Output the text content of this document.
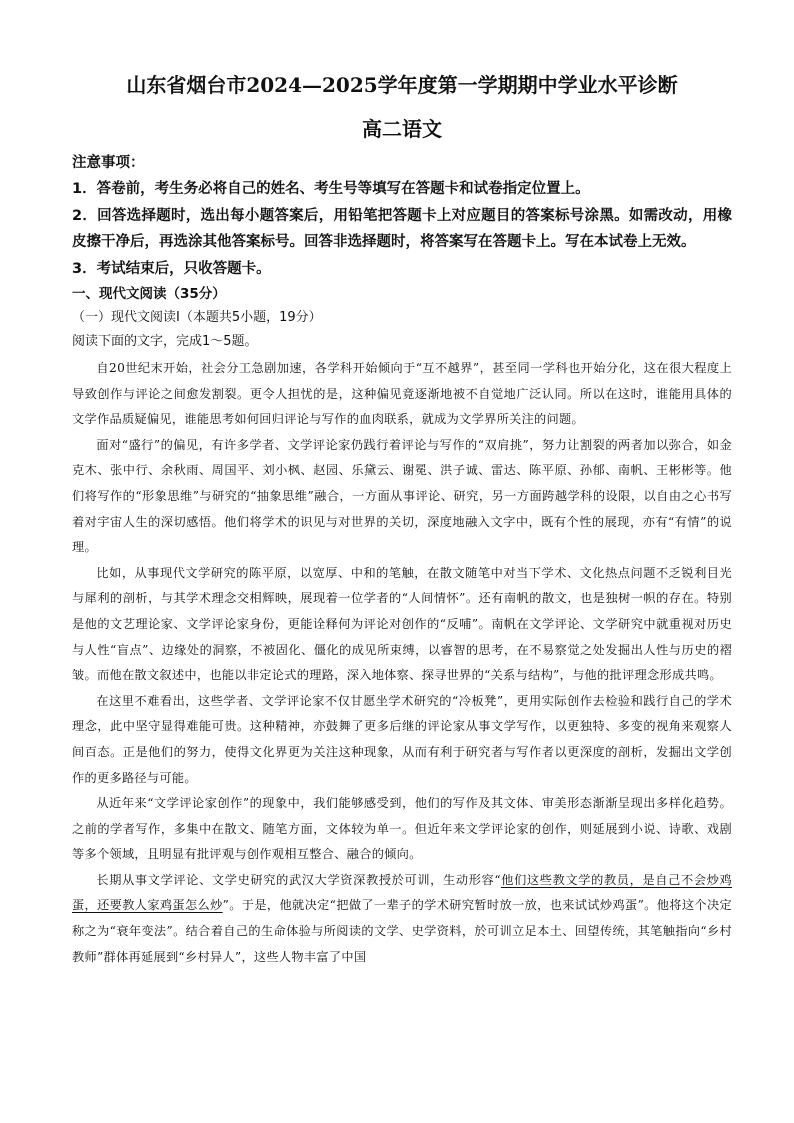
山东省烟台市2024—2025学年度第一学期期中学业水平诊断
高二语文

注意事项：

1．答卷前，考生务必将自己的姓名、考生号等填写在答题卡和试卷指定位置上。

2．回答选择题时，选出每小题答案后，用铅笔把答题卡上对应题目的答案标号涂黑。如需改动，用橡皮擦干净后，再选涂其他答案标号。回答非选择题时，将答案写在答题卡上。写在本试卷上无效。

3．考试结束后，只收答题卡。

一、现代文阅读（35分）

（一）现代文阅读Ⅰ（本题共5小题，19分）

阅读下面的文字，完成1～5题。

自20世纪末开始，社会分工急剧加速，各学科开始倾向于“互不越界”，甚至同一学科也开始分化，这在很大程度上导致创作与评论之间愈发割裂。更令人担忧的是，这种偏见竟逐渐地被不自觉地广泛认同。所以在这时，谁能用具体的文学作品质疑偏见，谁能思考如何回归评论与写作的血肉联系，就成为文学界所关注的问题。

面对“盛行”的偏见，有许多学者、文学评论家仍践行着评论与写作的“双肩挑”，努力让割裂的两者加以弥合，如金克木、张中行、余秋雨、周国平、刘小枫、赵园、乐黛云、谢冕、洪子诚、雷达、陈平原、孙郁、南帆、王彬彬等。他们将写作的“形象思维”与研究的“抽象思维”融合，一方面从事评论、研究，另一方面跨越学科的设限，以自由之心书写着对宇宙人生的深切感悟。他们将学术的识见与对世界的关切，深度地融入文字中，既有个性的展现，亦有“有情”的说理。

比如，从事现代文学研究的陈平原，以宽厚、中和的笔触，在散文随笔中对当下学术、文化热点问题不乏锐利目光与犀利的剖析，与其学术理念交相辉映，展现着一位学者的“人间情怀”。还有南帆的散文，也是独树一帜的存在。特别是他的文艺理论家、文学评论家身份，更能诠释何为评论对创作的“反哺”。南帆在文学评论、文学研究中就重视对历史与人性“盲点”、边缘处的洞察，不被固化、僵化的成见所束缚，以睿智的思考，在不易察觉之处发掘出人性与历史的褶皱。而他在散文叙述中，也能以非定论式的理路，深入地体察、探寻世界的“关系与结构”，与他的批评理念形成共鸣。

在这里不难看出，这些学者、文学评论家不仅甘愿坐学术研究的“冷板凳”，更用实际创作去检验和践行自己的学术理念，此中坚守显得难能可贵。这种精神，亦鼓舞了更多后继的评论家从事文学写作，以更独特、多变的视角来观察人间百态。正是他们的努力，使得文化界更为关注这种现象，从而有利于研究者与写作者以更深度的剖析，发掘出文学创作的更多路径与可能。

从近年来“文学评论家创作”的现象中，我们能够感受到，他们的写作及其文体、审美形态渐渐呈现出多样化趋势。之前的学者写作，多集中在散文、随笔方面，文体较为单一。但近年来文学评论家的创作，则延展到小说、诗歌、戏剧等多个领域，且明显有批评观与创作观相互整合、融合的倾向。

长期从事文学评论、文学史研究的武汉大学资深教授於可训，生动形容“他们这些教文学的教员，是自己不会炒鸡蛋，还要教人家鸡蛋怎么炒”。于是，他就决定“把做了一辈子的学术研究暂时放一放，也来试试炒鸡蛋”。他将这个决定称之为“衰年变法”。结合着自己的生命体验与所阅读的文学、史学资料，於可训立足本土、回望传统，其笔触指向“乡村教师”群体再延展到“乡村异人”，这些人物丰富了中国
